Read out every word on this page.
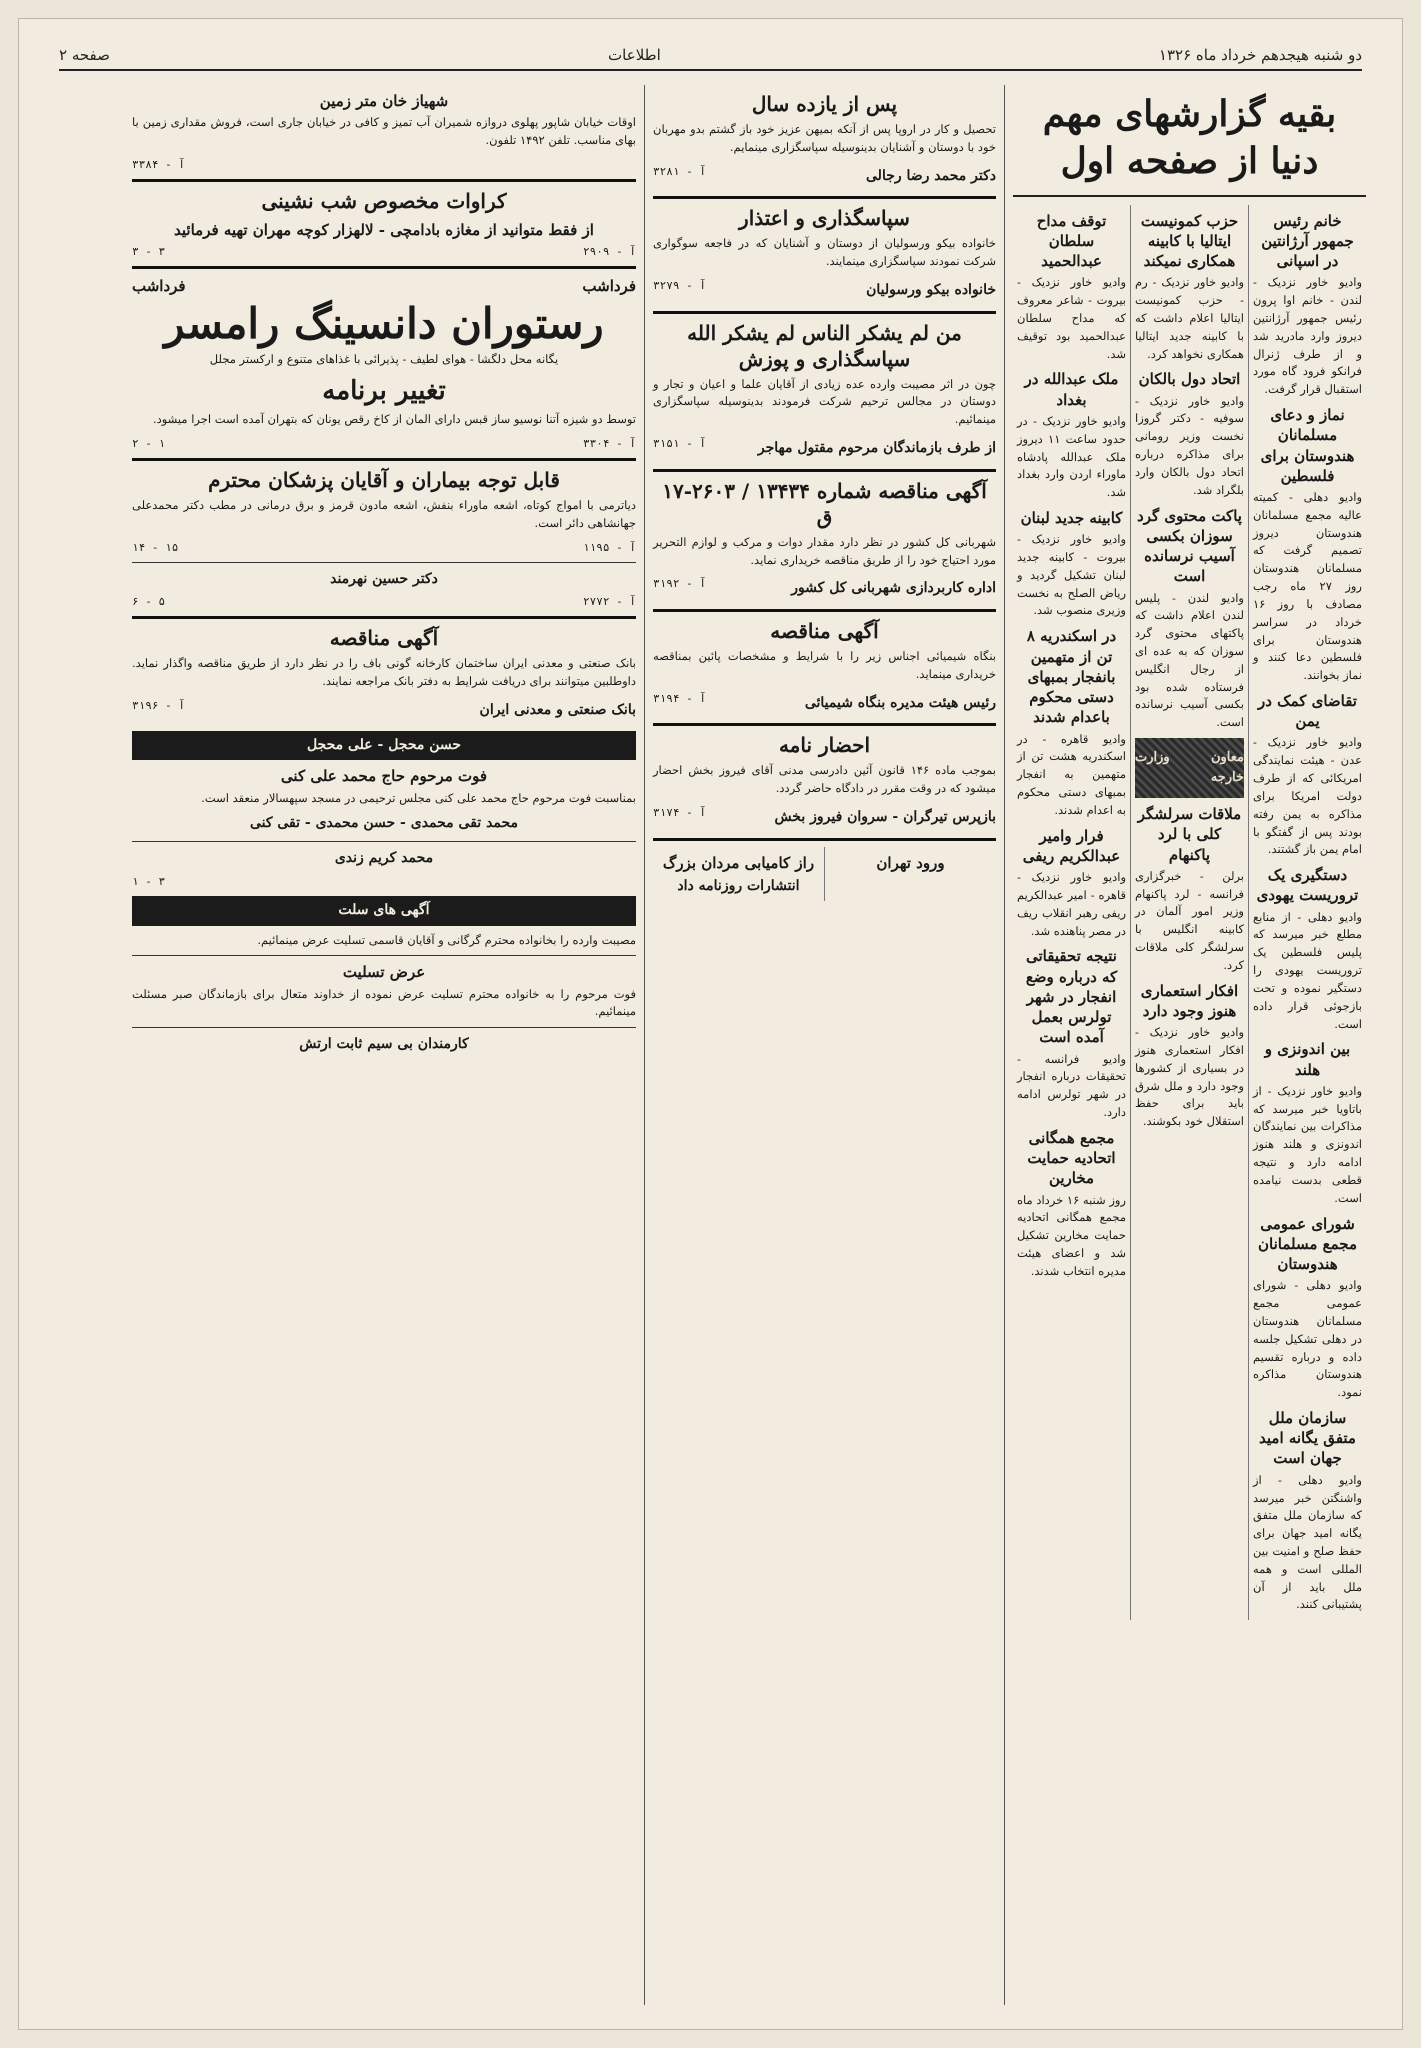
دو شنبه هیجدهم خرداد ماه ۱۳۲۶
اطلاعات
صفحه ۲
بقیه گزارشهای مهم دنیا از صفحه اول
خانم رئیس جمهور آرژانتین در اسپانی
وادیو خاور نزدیک - لندن - خانم اوا پرون رئیس جمهور آرژانتین دیروز وارد مادرید شد و از طرف ژنرال فرانکو فرود گاه مورد استقبال قرار گرفت.
نماز و دعای مسلمانان هندوستان برای فلسطین
وادیو دهلی - کمیته عالیه مجمع مسلمانان هندوستان دیروز تصمیم گرفت که مسلمانان هندوستان روز ۲۷ ماه رجب مصادف با روز ۱۶ خرداد در سراسر هندوستان برای فلسطین دعا کنند و نماز بخوانند.
تقاضای کمک در یمن
وادیو خاور نزدیک - عدن - هیئت نمایندگی امریکائی که از طرف دولت امریکا برای مذاکره به یمن رفته بودند پس از گفتگو با امام یمن باز گشتند.
دستگیری یک تروریست یهودی
وادیو دهلی - از منابع مطلع خبر میرسد که پلیس فلسطین یک تروریست یهودی را دستگیر نموده و تحت بازجوئی قرار داده است.
بین اندونزی و هلند
وادیو خاور نزدیک - از باتاویا خبر میرسد که مذاکرات بین نمایندگان اندونزی و هلند هنوز ادامه دارد و نتیجه قطعی بدست نیامده است.
شورای عمومی مجمع مسلمانان هندوستان
وادیو دهلی - شورای عمومی مجمع مسلمانان هندوستان در دهلی تشکیل جلسه داده و درباره تقسیم هندوستان مذاکره نمود.
سازمان ملل متفق یگانه امید جهان است
وادیو دهلی - از واشنگتن خبر میرسد که سازمان ملل متفق یگانه امید جهان برای حفظ صلح و امنیت بین المللی است و همه ملل باید از آن پشتیبانی کنند.
حزب کمونیست ایتالیا با کابینه همکاری نمیکند
وادیو خاور نزدیک - رم - حزب کمونیست ایتالیا اعلام داشت که با کابینه جدید ایتالیا همکاری نخواهد کرد.
اتحاد دول بالکان
وادیو خاور نزدیک - سوفیه - دکتر گروزا نخست وزیر رومانی برای مذاکره درباره اتحاد دول بالکان وارد بلگراد شد.
پاکت محتوی گرد سوزان بکسی آسیب نرسانده است
وادیو لندن - پلیس لندن اعلام داشت که پاکتهای محتوی گرد سوزان که به عده ای از رجال انگلیس فرستاده شده بود بکسی آسیب نرسانده است.
معاون وزارت خارجه
ملاقات سرلشگر کلی با لرد پاکنهام
برلن - خبرگزاری فرانسه - لرد پاکنهام وزیر امور آلمان در کابینه انگلیس با سرلشگر کلی ملاقات کرد.
افکار استعماری هنوز وجود دارد
وادیو خاور نزدیک - افکار استعماری هنوز در بسیاری از کشورها وجود دارد و ملل شرق باید برای حفظ استقلال خود بکوشند.
توقف مداح سلطان عبدالحمید
وادیو خاور نزدیک - بیروت - شاعر معروف که مداح سلطان عبدالحمید بود توقیف شد.
ملک عبدالله در بغداد
وادیو خاور نزدیک - در حدود ساعت ۱۱ دیروز ملک عبدالله پادشاه ماوراء اردن وارد بغداد شد.
کابینه جدید لبنان
وادیو خاور نزدیک - بیروت - کابینه جدید لبنان تشکیل گردید و ریاض الصلح به نخست وزیری منصوب شد.
در اسکندریه ۸ تن از متهمین بانفجار بمبهای دستی محکوم باعدام شدند
وادیو قاهره - در اسکندریه هشت تن از متهمین به انفجار بمبهای دستی محکوم به اعدام شدند.
فرار وامیر عبدالکریم ریفی
وادیو خاور نزدیک - قاهره - امیر عبدالکریم ریفی رهبر انقلاب ریف در مصر پناهنده شد.
نتیجه تحقیقاتی که درباره وضع انفجار در شهر تولرس بعمل آمده است
وادیو فرانسه - تحقیقات درباره انفجار در شهر تولرس ادامه دارد.
مجمع همگانی اتحادیه حمایت مخارین
روز شنبه ۱۶ خرداد ماه مجمع همگانی اتحادیه حمایت مخارین تشکیل شد و اعضای هیئت مدیره انتخاب شدند.
پس از یازده سال
تحصیل و کار در اروپا پس از آنکه بمیهن عزیز خود باز گشتم بدو مهربان خود با دوستان و آشنایان بدینوسیله سپاسگزاری مینمایم.
دکتر محمد رضا رجالی
آ - ۳۲۸۱
سپاسگذاری و اعتذار
خانواده بیکو ورسولیان از دوستان و آشنایان که در فاجعه سوگواری شرکت نمودند سپاسگزاری مینمایند.
خانواده بیکو ورسولیان
آ - ۳۲۷۹
من لم یشکر الناس لم یشکر الله سپاسگذاری و پوزش
چون در اثر مصیبت وارده عده زیادی از آقایان علما و اعیان و تجار و دوستان در مجالس ترحیم شرکت فرمودند بدینوسیله سپاسگزاری مینمائیم.
از طرف بازماندگان مرحوم مقتول مهاجر
آ - ۳۱۵۱
آگهی مناقصه شماره ۱۳۴۳۴ / ۲۶۰۳-۱۷ ق
شهربانی کل کشور در نظر دارد مقدار دوات و مرکب و لوازم التحریر مورد احتیاج خود را از طریق مناقصه خریداری نماید.
اداره کاربردازی شهربانی کل کشور
آ - ۳۱۹۲
آگهی مناقصه
بنگاه شیمیائی اجناس زیر را با شرایط و مشخصات پائین بمناقصه خریداری مینماید.
رئیس هیئت مدیره بنگاه شیمیائی
آ - ۳۱۹۴
احضار نامه
بموجب ماده ۱۴۶ قانون آئین دادرسی مدنی آقای فیروز بخش احضار میشود که در وقت مقرر در دادگاه حاضر گردد.
بازپرس تیرگران - سروان فیروز بخش
آ - ۳۱۷۴
ورود تهران
راز کامیابی مردان بزرگ
انتشارات روزنامه داد
شهیاز خان متر زمین
اوقات خیابان شاپور پهلوی دروازه شمیران آب تمیز و کافی در خیابان جاری است، فروش مقداری زمین با بهای مناسب. تلفن ۱۴۹۲ تلفون.
آ - ۳۳۸۴
کراوات مخصوص شب نشینی
از فقط متوانید از مغازه بادامچی - لالهزار کوچه مهران تهیه فرمائید
آ - ۲۹۰۹
۳ - ۳
فرداشب
فرداشب
رستوران دانسینگ رامسر
یگانه محل دلگشا - هوای لطیف - پذیرائی با غذاهای متنوع و ارکستر مجلل
تغییر برنامه
توسط دو شیزه آتنا نوسیو ساز قبس دارای المان از کاخ رقص یونان که بتهران آمده است اجرا میشود.
آ - ۳۳۰۴
۱ - ۲
قابل توجه بیماران و آقایان پزشکان محترم
دیاترمی با امواج کوتاه، اشعه ماوراء بنفش، اشعه مادون قرمز و برق درمانی در مطب دکتر محمدعلی جهانشاهی دائر است.
آ - ۱۱۹۵
۱۵ - ۱۴
دکتر حسین نهرمند
آ - ۲۷۷۲
۵ - ۶
آگهی مناقصه
بانک صنعتی و معدنی ایران ساختمان کارخانه گونی باف را در نظر دارد از طریق مناقصه واگذار نماید. داوطلبین میتوانند برای دریافت شرایط به دفتر بانک مراجعه نمایند.
بانک صنعتی و معدنی ایران
آ - ۳۱۹۶
حسن محجل - علی محجل
فوت مرحوم حاج محمد علی کنی
بمناسبت فوت مرحوم حاج محمد علی کنی مجلس ترحیمی در مسجد سپهسالار منعقد است.
محمد تقی محمدی - حسن محمدی - تقی کنی
محمد کریم زندی
۳ - ۱
آگهی های سلت
مصیبت وارده را بخانواده محترم گرگانی و آقایان قاسمی تسلیت عرض مینمائیم.
عرض تسلیت
فوت مرحوم را به خانواده محترم تسلیت عرض نموده از خداوند متعال برای بازماندگان صبر مسئلت مینمائیم.
کارمندان بی سیم ثابت ارتش
